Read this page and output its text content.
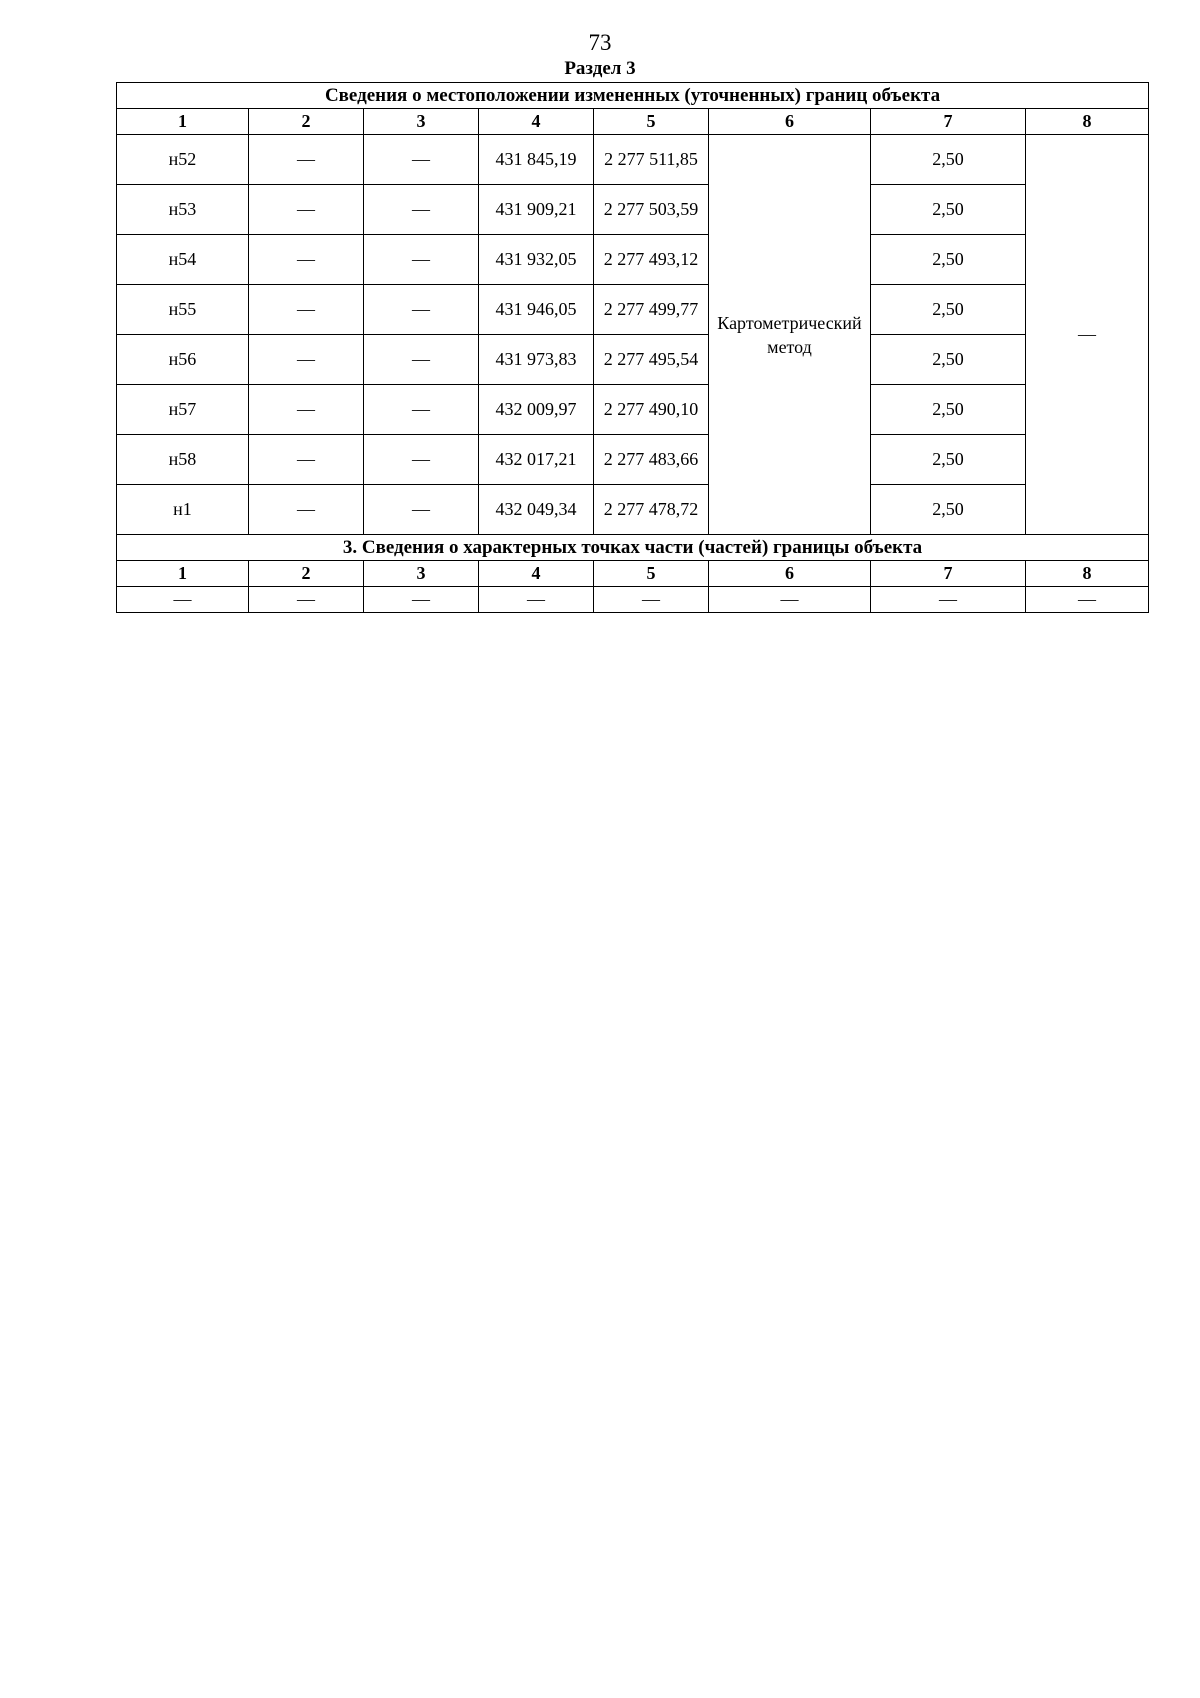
73
Раздел 3
Сведения о местоположении измененных (уточненных) границ объекта							
1	2	3	4	5	6	7	8
н52	—	—	431 845,19	2 277 511,85	Картометрический метод	2,50	—
н53	—	—	431 909,21	2 277 503,59		2,50	
н54	—	—	431 932,05	2 277 493,12		2,50	
н55	—	—	431 946,05	2 277 499,77		2,50	
н56	—	—	431 973,83	2 277 495,54		2,50	
н57	—	—	432 009,97	2 277 490,10		2,50	
н58	—	—	432 017,21	2 277 483,66		2,50	
н1	—	—	432 049,34	2 277 478,72		2,50	
3. Сведения о характерных точках части (частей) границы объекта							
1	2	3	4	5	6	7	8
—	—	—	—	—	—	—	—
